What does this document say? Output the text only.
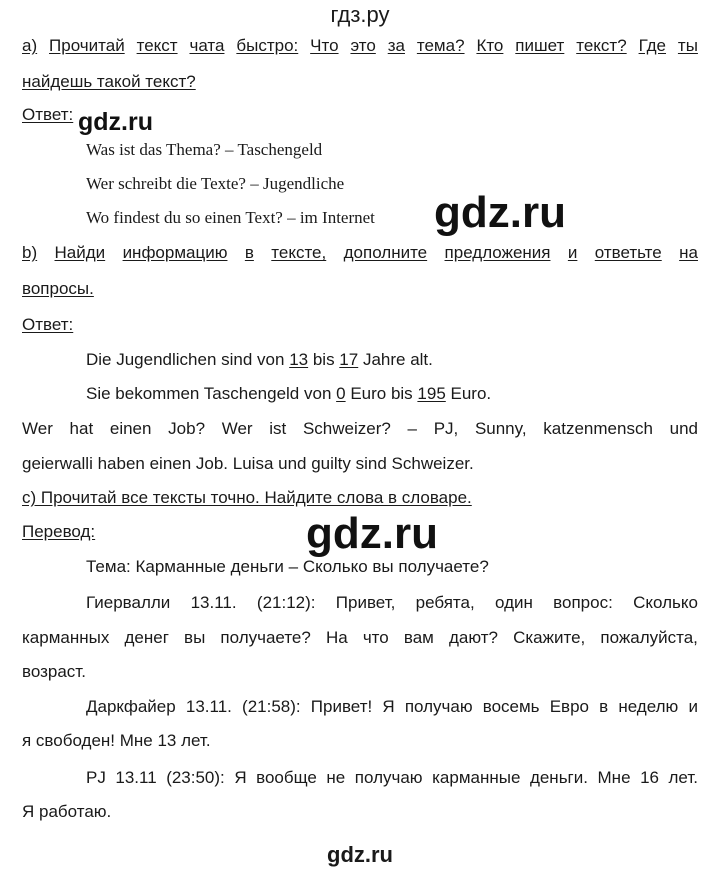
гдз.ру
а) Прочитай текст чата быстро: Что это за тема? Кто пишет текст? Где ты
найдешь такой текст?
Ответ: gdz.ru
Was ist das Thema? – Taschengeld
Wer schreibt die Texte? – Jugendliche
Wo findest du so einen Text? – im Internet gdz.ru
b) Найди информацию в тексте, дополните предложения и ответьте на
вопросы.
Ответ:
Die Jugendlichen sind von 13 bis 17 Jahre alt.
Sie bekommen Taschengeld von 0 Euro bis 195 Euro.
Wer hat einen Job? Wer ist Schweizer? – PJ, Sunny, katzenmensch und
geierwalli haben einen Job. Luisa und guilty sind Schweizer.
с) Прочитай все тексты точно. Найдите слова в словаре.
Перевод:	gdz.ru
Тема: Карманные деньги – Сколько вы получаете?
Гиервалли 13.11. (21:12): Привет, ребята, один вопрос: Сколько
карманных денег вы получаете? На что вам дают? Скажите, пожалуйста,
возраст.
Даркфайер 13.11. (21:58): Привет! Я получаю восемь Евро в неделю и
я свободен! Мне 13 лет.
PJ 13.11 (23:50): Я вообще не получаю карманные деньги. Мне 16 лет.
Я работаю.
gdz.ru
